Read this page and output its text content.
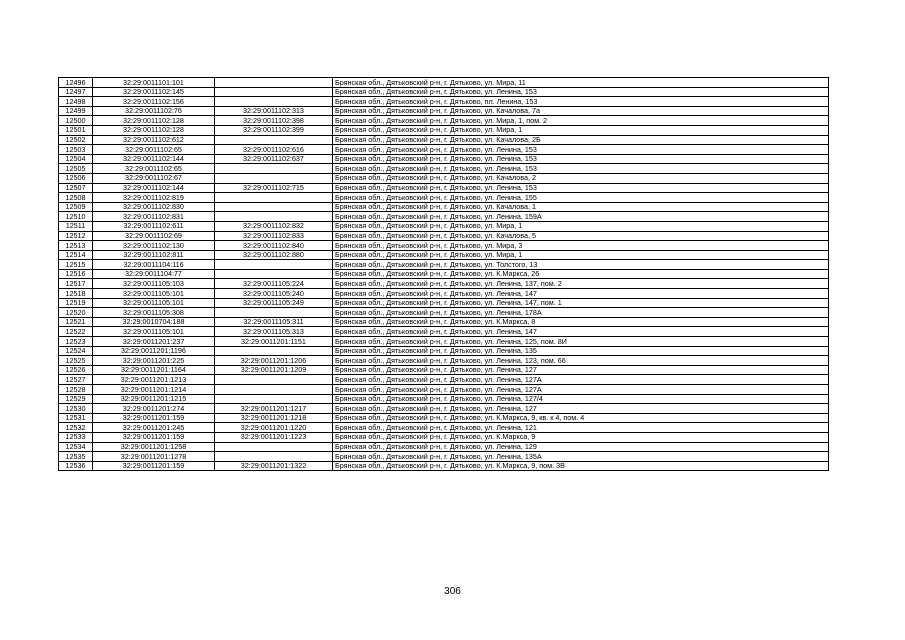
12496	32:29:0011101:101		Брянская обл., Дятьковский р-н, г. Дятьково, ул. Мира, 11
12497	32:29:0011102:145		Брянская обл., Дятьковский р-н, г. Дятьково, ул. Ленина, 153
12498	32:29:0011102:156		Брянская обл., Дятьковский р-н, г. Дятьково, пл. Ленина, 153
12499	32:29:0011102:76	32:29:0011102:313	Брянская обл., Дятьковский р-н, г. Дятьково, ул. Качалова, 7а
12500	32:29:0011102:128	32:29:0011102:398	Брянская обл., Дятьковский р-н, г. Дятьково, ул. Мира, 1, пом. 2
12501	32:29:0011102:128	32:29:0011102:399	Брянская обл., Дятьковский р-н, г. Дятьково, ул. Мира, 1
12502	32:29:0011102:612		Брянская обл., Дятьковский р-н, г. Дятьково, ул. Качалова, 2Б
12503	32:29:0011102:65	32:29:0011102:616	Брянская обл., Дятьковский р-н, г. Дятьково, ул. Ленина, 153
12504	32:29:0011102:144	32:29:0011102:637	Брянская обл., Дятьковский р-н, г. Дятьково, ул. Ленина, 153
12505	32:29:0011102:65		Брянская обл., Дятьковский р-н, г. Дятьково, ул. Ленина, 153
12506	32:29:0011102:67		Брянская обл., Дятьковский р-н, г. Дятьково, ул. Качалова, 2
12507	32:29:0011102:144	32:29:0011102:715	Брянская обл., Дятьковский р-н, г. Дятьково, ул. Ленина, 153
12508	32:29:0011102:819		Брянская обл., Дятьковский р-н, г. Дятьково, ул. Ленина, 155
12509	32:29:0011102:830		Брянская обл., Дятьковский р-н, г. Дятьково, ул. Качалова, 1
12510	32:29:0011102:831		Брянская обл., Дятьковский р-н, г. Дятьково, ул. Ленина, 159А
12511	32:29:0011102:611	32:29:0011102:832	Брянская обл., Дятьковский р-н, г. Дятьково, ул. Мира, 1
12512	32:29:0011102:69	32:29:0011102:833	Брянская обл., Дятьковский р-н, г. Дятьково, ул. Качалова, 5
12513	32:29:0011102:130	32:29:0011102:840	Брянская обл., Дятьковский р-н, г. Дятьково, ул. Мира, 3
12514	32:29:0011102:811	32:29:0011102:880	Брянская обл., Дятьковский р-н, г. Дятьково, ул. Мира, 1
12515	32:29:0011104:116		Брянская обл., Дятьковский р-н, г. Дятьково, ул. Толстого, 13
12516	32:29:0011104:77		Брянская обл., Дятьковский р-н, г. Дятьково, ул. К.Маркса, 26
12517	32:29:0011105:103	32:29:0011105:224	Брянская обл., Дятьковский р-н, г. Дятьково, ул. Ленина, 137, пом. 2
12518	32:29:0011105:101	32:29:0011105:240	Брянская обл., Дятьковский р-н, г. Дятьково, ул. Ленина, 147
12519	32:29:0011105:101	32:29:0011105:249	Брянская обл., Дятьковский р-н, г. Дятьково, ул. Ленина, 147, пом. 1
12520	32:29:0011105:308		Брянская обл., Дятьковский р-н, г. Дятьково, ул. Ленина, 178А
12521	32:29:0010704:188	32:29:0011105:311	Брянская обл., Дятьковский р-н, г. Дятьково, ул. К.Маркса, 8
12522	32:29:0011105:101	32:29:0011105:313	Брянская обл., Дятьковский р-н, г. Дятьково, ул. Ленина, 147
12523	32:29:0011201:237	32:29:0011201:1151	Брянская обл., Дятьковский р-н, г. Дятьково, ул. Ленина, 125, пом. 8И
12524	32:29:0011201:1196		Брянская обл., Дятьковский р-н, г. Дятьково, ул. Ленина, 135
12525	32:29:0011201:225	32:29:0011201:1206	Брянская обл., Дятьковский р-н, г. Дятьково, ул. Ленина, 123, пом. 66
12526	32:29:0011201:1164	32:29:0011201:1209	Брянская обл., Дятьковский р-н, г. Дятьково, ул. Ленина, 127
12527	32:29:0011201:1213		Брянская обл., Дятьковский р-н, г. Дятьково, ул. Ленина, 127А
12528	32:29:0011201:1214		Брянская обл., Дятьковский р-н, г. Дятьково, ул. Ленина, 127А
12529	32:29:0011201:1215		Брянская обл., Дятьковский р-н, г. Дятьково, ул. Ленина, 127/4
12530	32:29:0011201:274	32:29:0011201:1217	Брянская обл., Дятьковский р-н, г. Дятьково, ул. Ленина, 127
12531	32:29:0011201:159	32:29:0011201:1218	Брянская обл., Дятьковский р-н, г. Дятьково, ул. К.Маркса, 9, кв. к 4, пом. 4
12532	32:29:0011201:245	32:29:0011201:1220	Брянская обл., Дятьковский р-н, г. Дятьково, ул. Ленина, 121
12533	32:29:0011201:159	32:29:0011201:1223	Брянская обл., Дятьковский р-н, г. Дятьково, ул. К.Маркса, 9
12534	32:29:0011201:1258		Брянская обл., Дятьковский р-н, г. Дятьково, ул. Ленина, 129
12535	32:29:0011201:1278		Брянская обл., Дятьковский р-н, г. Дятьково, ул. Ленина, 135А
12536	32:29:0011201:159	32:29:0011201:1322	Брянская обл., Дятьковский р-н, г. Дятьково, ул. К.Маркса, 9, пом. 3В
306
